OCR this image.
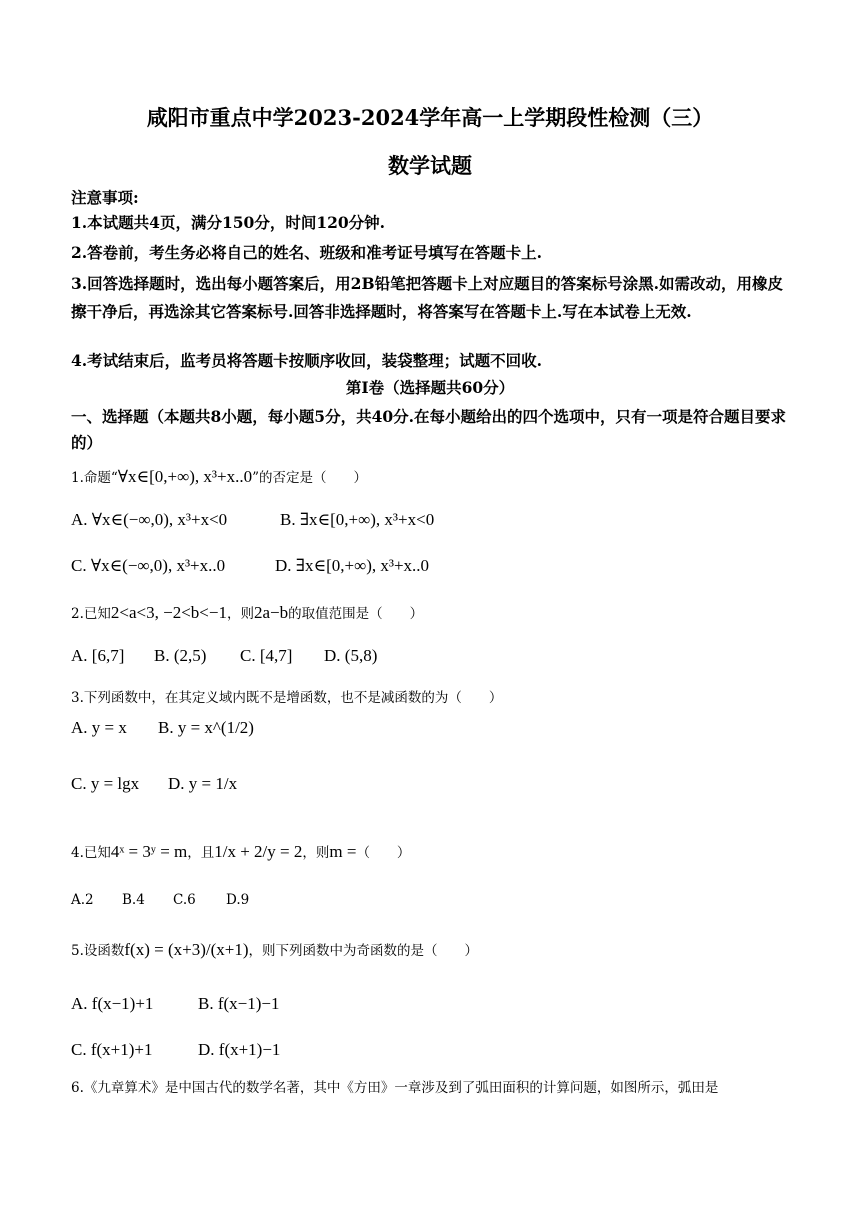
咸阳市重点中学2023-2024学年高一上学期段性检测（三）
数学试题
注意事项:
1.本试题共4页，满分150分，时间120分钟.
2.答卷前，考生务必将自己的姓名、班级和准考证号填写在答题卡上.
3.回答选择题时，选出每小题答案后，用2B铅笔把答题卡上对应题目的答案标号涂黑.如需改动，用橡皮擦干净后，再选涂其它答案标号.回答非选择题时，将答案写在答题卡上.写在本试卷上无效.
4.考试结束后，监考员将答题卡按顺序收回，装袋整理；试题不回收.
第I卷（选择题共60分）
一、选择题（本题共8小题，每小题5分，共40分.在每小题给出的四个选项中，只有一项是符合题目要求的）
1.命题“∀x∈[0,+∞), x³+x..0”的否定是（　　）
A. ∀x∈(−∞,0), x³+x<0	B. ∃x∈[0,+∞), x³+x<0
C. ∀x∈(−∞,0), x³+x..0	D. ∃x∈[0,+∞), x³+x..0
2.已知2<a<3, −2<b<−1，则2a−b的取值范围是（　　）
A. [6,7] B. (2,5) C. [4,7] D. (5,8)
3.下列函数中，在其定义域内既不是增函数，也不是减函数的为（　　）
A. y = x B. y = x^(1/2)
C. y = lgx D. y = 1/x
4.已知4ˣ = 3ʸ = m，且1/x + 2/y = 2，则m =（　　）
A.2 B.4 C.6 D.9
5.设函数f(x) = (x+3)/(x+1)，则下列函数中为奇函数的是（　　）
A. f(x−1)+1	B. f(x−1)−1
C. f(x+1)+1	D. f(x+1)−1
6.《九章算术》是中国古代的数学名著，其中《方田》一章涉及到了弧田面积的计算问题，如图所示，弧田是
